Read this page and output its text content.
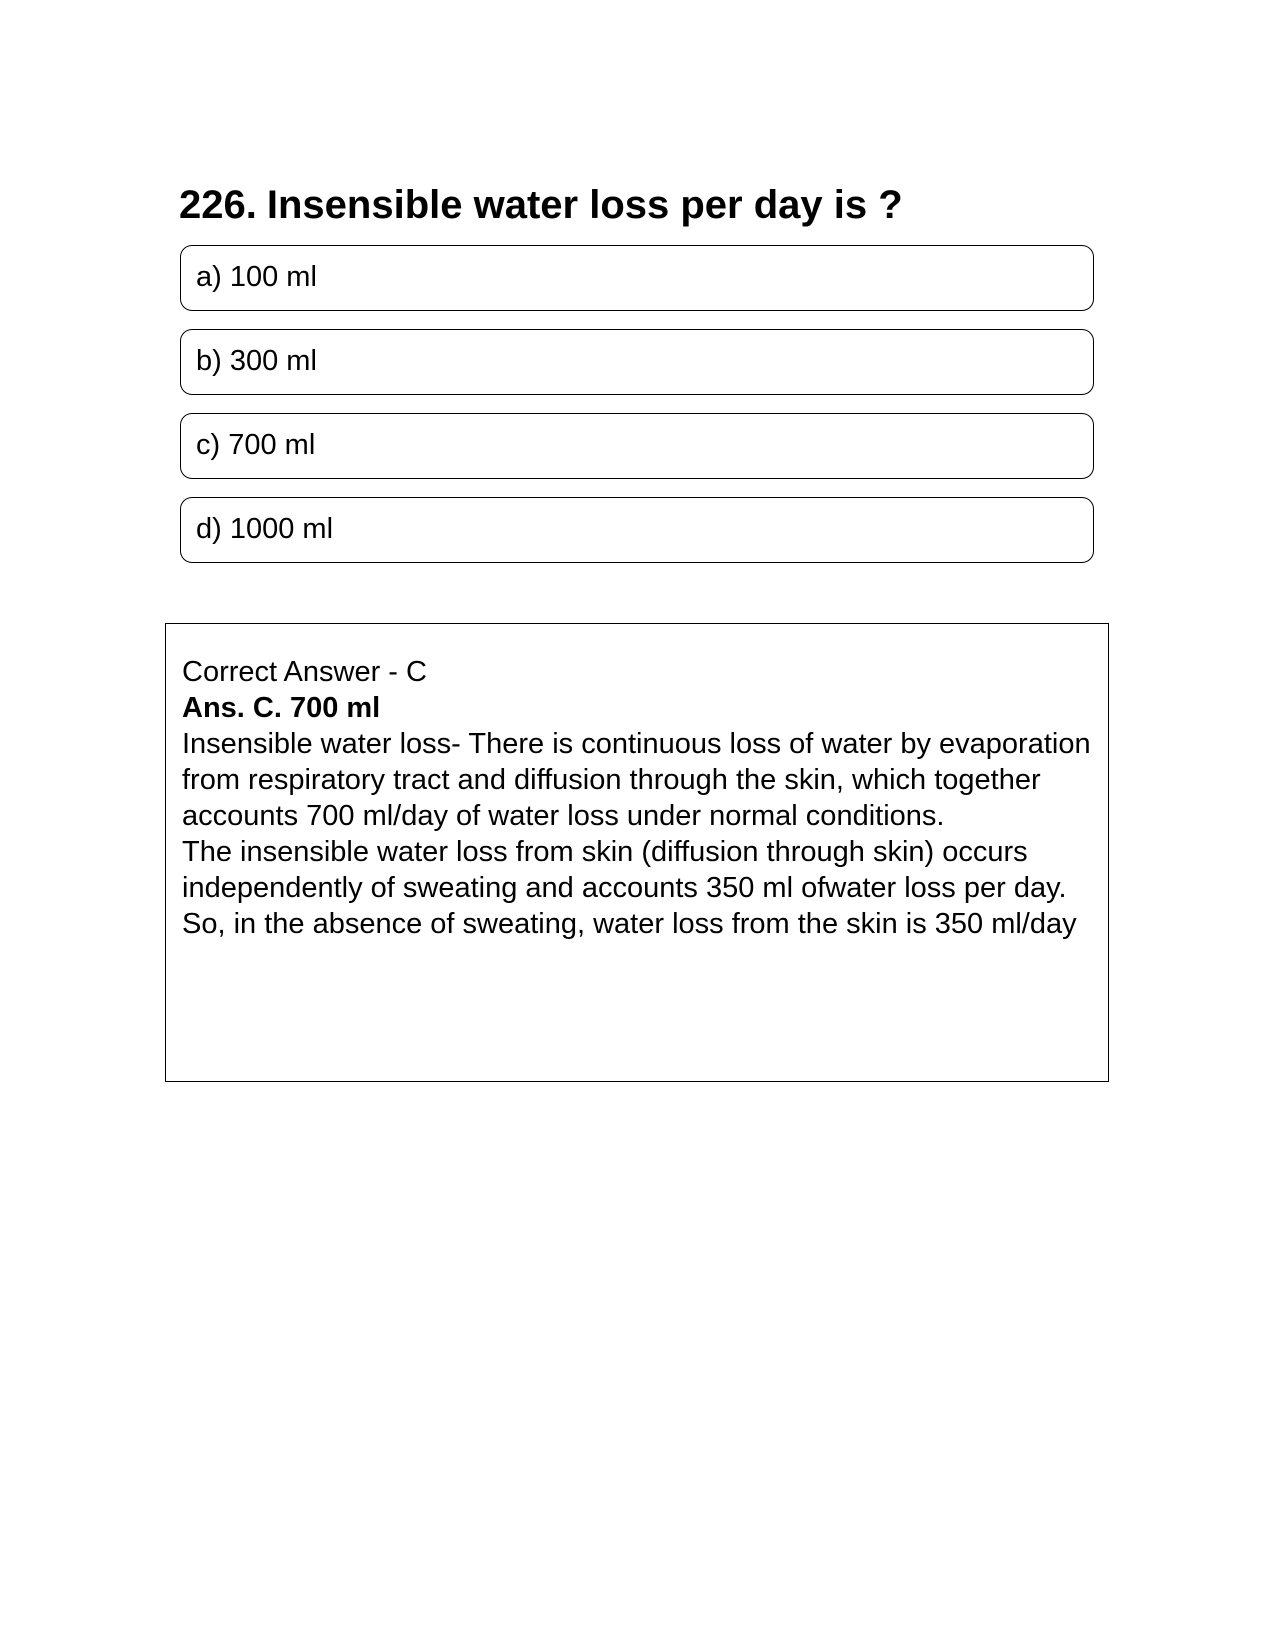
226. Insensible water loss per day is ?
a) 100 ml
b) 300 ml
c) 700 ml
d) 1000 ml

Correct Answer - C

Ans. C. 700 ml

Insensible water loss- There is continuous loss of water by evaporation from respiratory tract and diffusion through the skin, which together accounts 700 ml/day of water loss under normal conditions.

The insensible water loss from skin (diffusion through skin) occurs independently of sweating and accounts 350 ml ofwater loss per day.

So, in the absence of sweating, water loss from the skin is 350 ml/day
